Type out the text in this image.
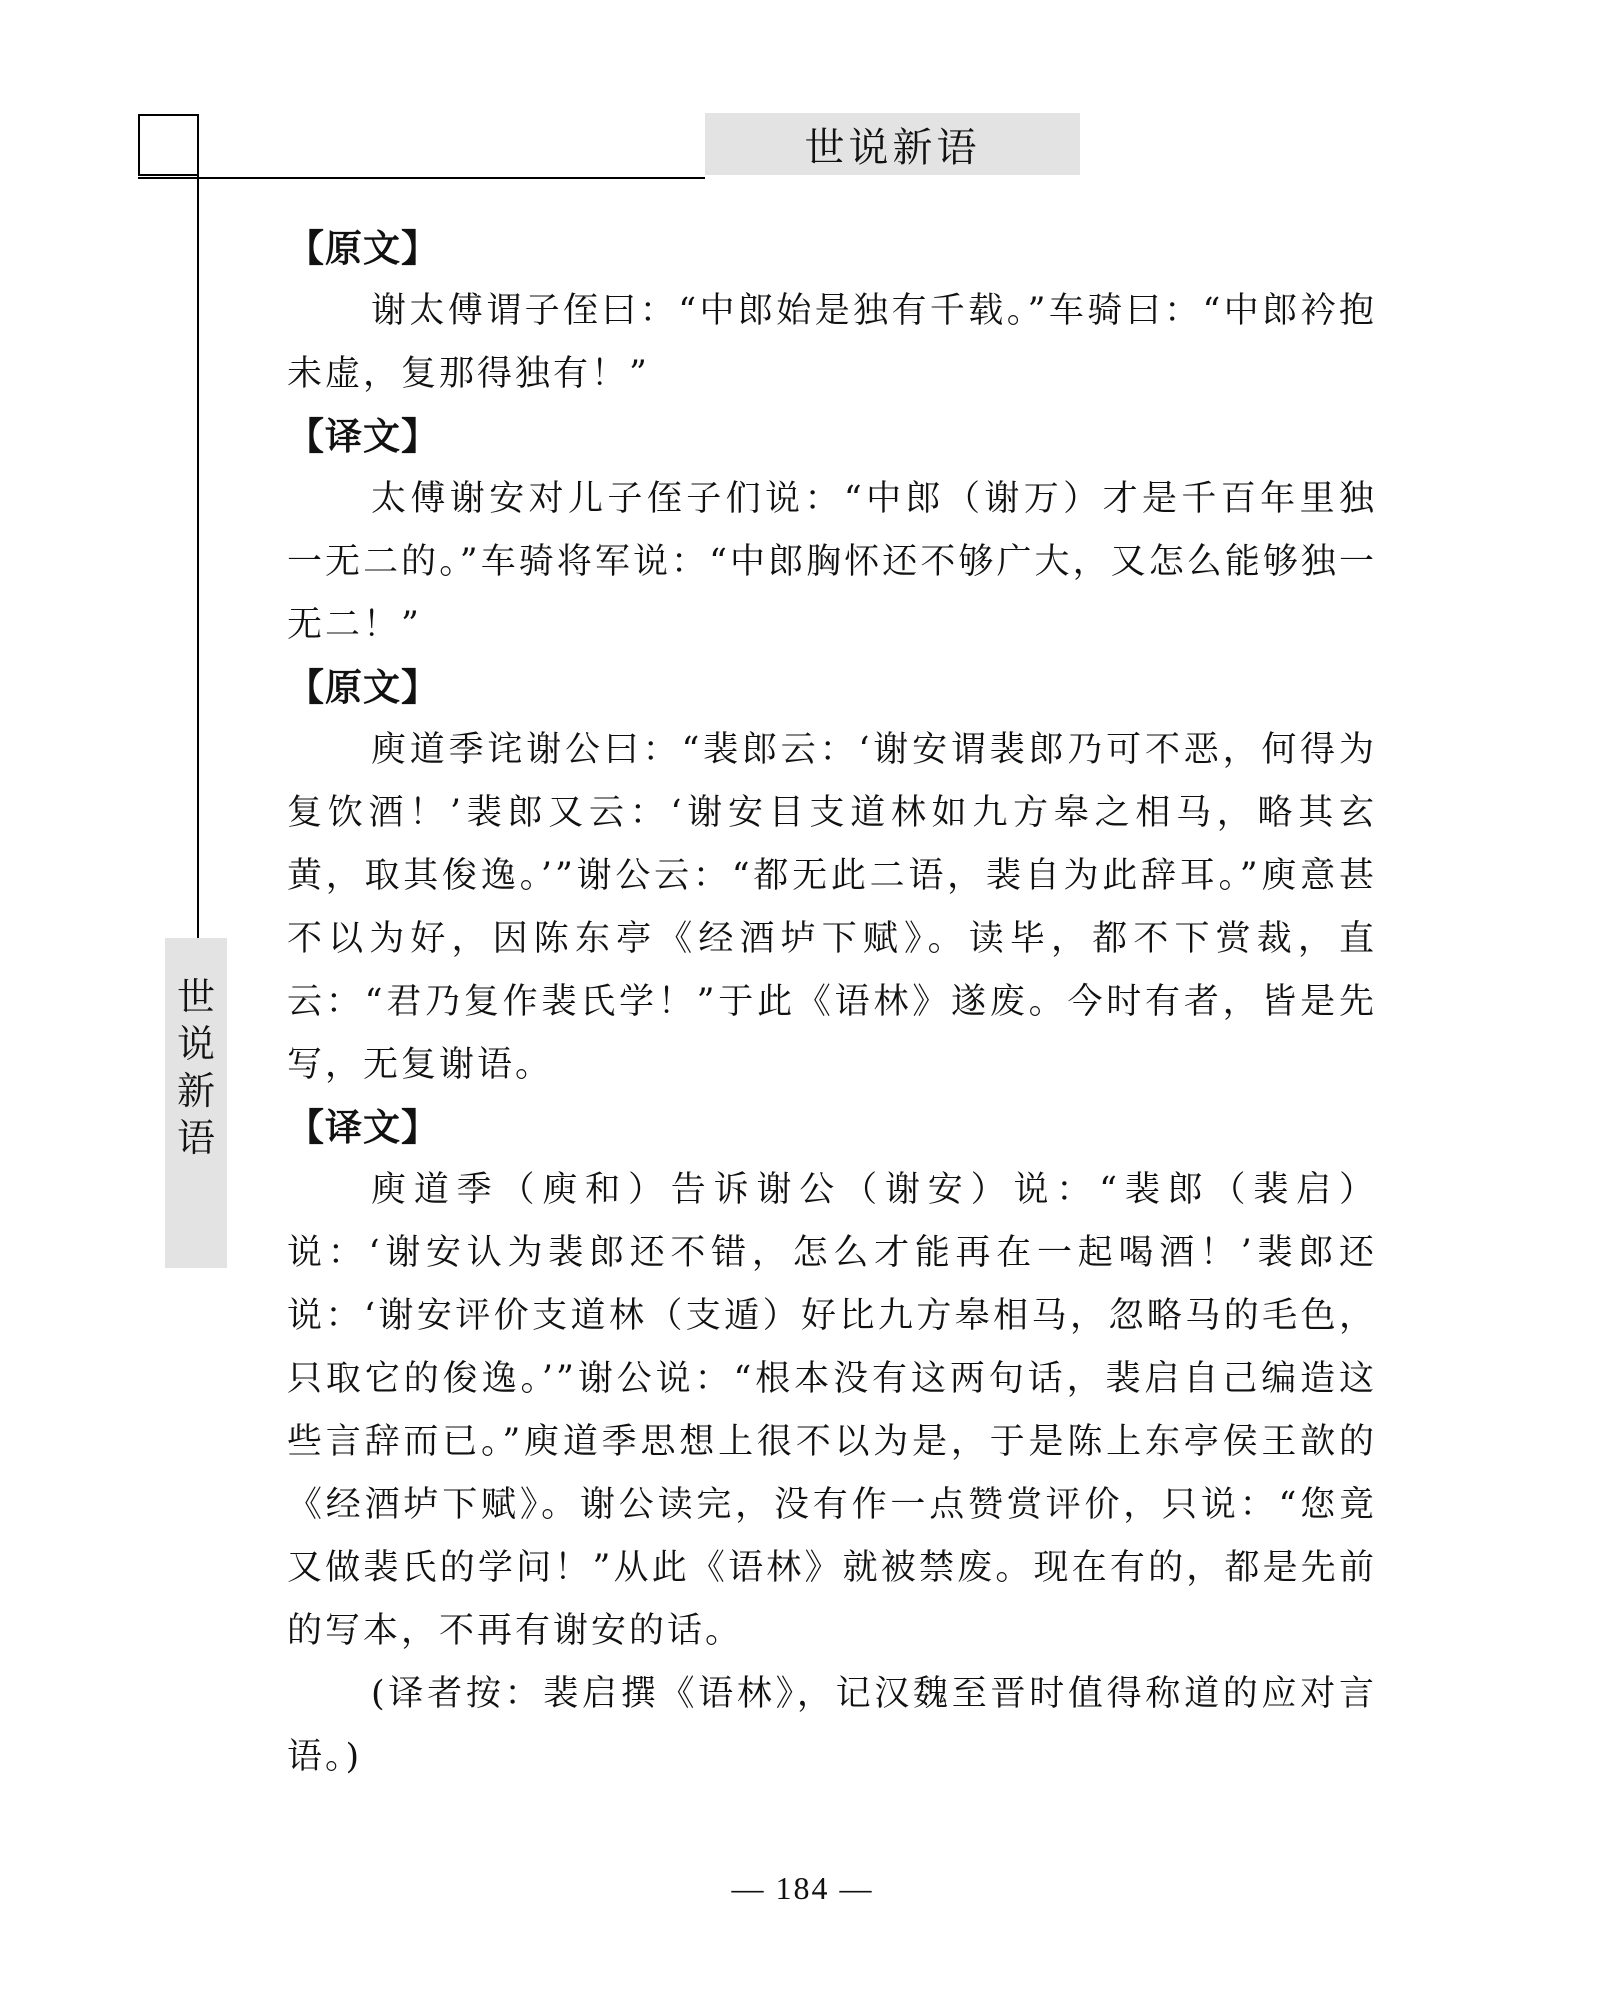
世说新语
世
说
新
语
【原文】

谢太傅谓子侄曰：“中郎始是独有千载。”车骑曰：“中郎衿抱未虚，复那得独有！”

【译文】

太傅谢安对儿子侄子们说：“中郎（谢万）才是千百年里独一无二的。”车骑将军说：“中郎胸怀还不够广大，又怎么能够独一无二！”

【原文】

庾道季诧谢公曰：“裴郎云：‘谢安谓裴郎乃可不恶，何得为复饮酒！’裴郎又云：‘谢安目支道林如九方皋之相马，略其玄黄，取其俊逸。’”谢公云：“都无此二语，裴自为此辞耳。”庾意甚不以为好，因陈东亭《经酒垆下赋》。读毕，都不下赏裁，直云：“君乃复作裴氏学！”于此《语林》遂废。今时有者，皆是先写，无复谢语。

【译文】

庾道季（庾和）告诉谢公（谢安）说：“裴郎（裴启）说：‘谢安认为裴郎还不错，怎么才能再在一起喝酒！’裴郎还说：‘谢安评价支道林（支遁）好比九方皋相马，忽略马的毛色，只取它的俊逸。’”谢公说：“根本没有这两句话，裴启自己编造这些言辞而已。”庾道季思想上很不以为是，于是陈上东亭侯王歆的《经酒垆下赋》。谢公读完，没有作一点赞赏评价，只说：“您竟又做裴氏的学问！”从此《语林》就被禁废。现在有的，都是先前的写本，不再有谢安的话。

(译者按：裴启撰《语林》，记汉魏至晋时值得称道的应对言语。)

— 184 —
